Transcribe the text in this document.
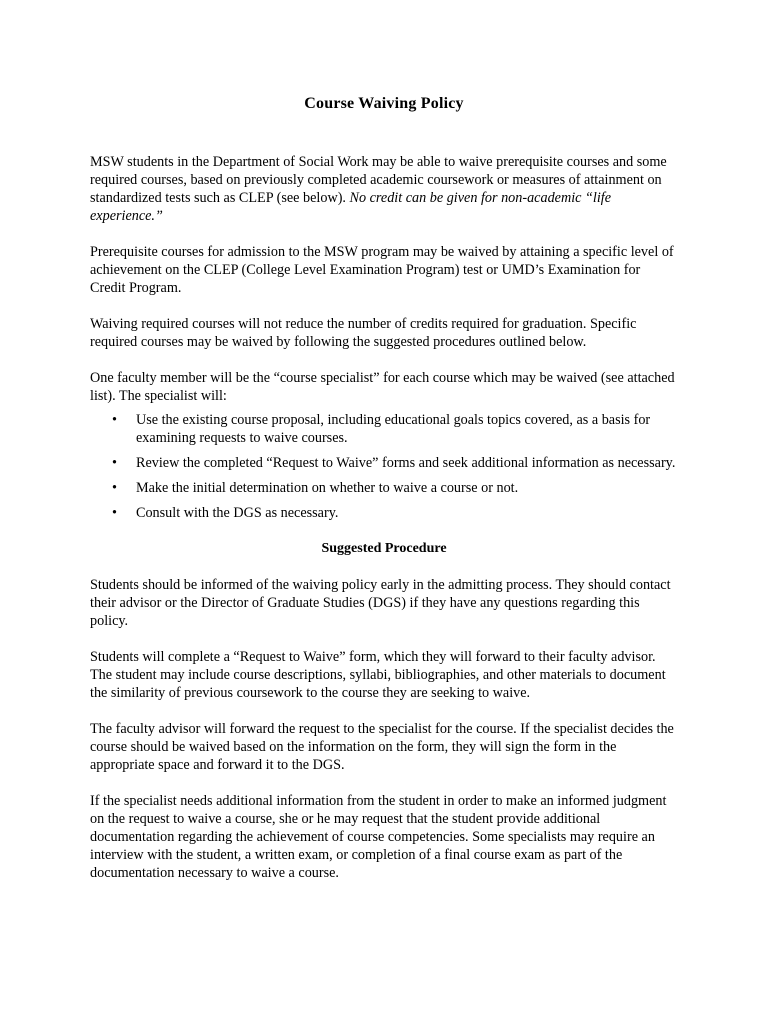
Course Waiving Policy

MSW students in the Department of Social Work may be able to waive prerequisite courses and some required courses, based on previously completed academic coursework or measures of attainment on standardized tests such as CLEP (see below). No credit can be given for non-academic “life experience.”

Prerequisite courses for admission to the MSW program may be waived by attaining a specific level of achievement on the CLEP (College Level Examination Program) test or UMD’s Examination for Credit Program.

Waiving required courses will not reduce the number of credits required for graduation. Specific required courses may be waived by following the suggested procedures outlined below.

One faculty member will be the “course specialist” for each course which may be waived (see attached list). The specialist will:

• Use the existing course proposal, including educational goals topics covered, as a basis for examining requests to waive courses.
• Review the completed “Request to Waive” forms and seek additional information as necessary.
• Make the initial determination on whether to waive a course or not.
• Consult with the DGS as necessary.
Suggested Procedure

Students should be informed of the waiving policy early in the admitting process. They should contact their advisor or the Director of Graduate Studies (DGS) if they have any questions regarding this policy.

Students will complete a “Request to Waive” form, which they will forward to their faculty advisor. The student may include course descriptions, syllabi, bibliographies, and other materials to document the similarity of previous coursework to the course they are seeking to waive.

The faculty advisor will forward the request to the specialist for the course. If the specialist decides the course should be waived based on the information on the form, they will sign the form in the appropriate space and forward it to the DGS.

If the specialist needs additional information from the student in order to make an informed judgment on the request to waive a course, she or he may request that the student provide additional documentation regarding the achievement of course competencies. Some specialists may require an interview with the student, a written exam, or completion of a final course exam as part of the documentation necessary to waive a course.
